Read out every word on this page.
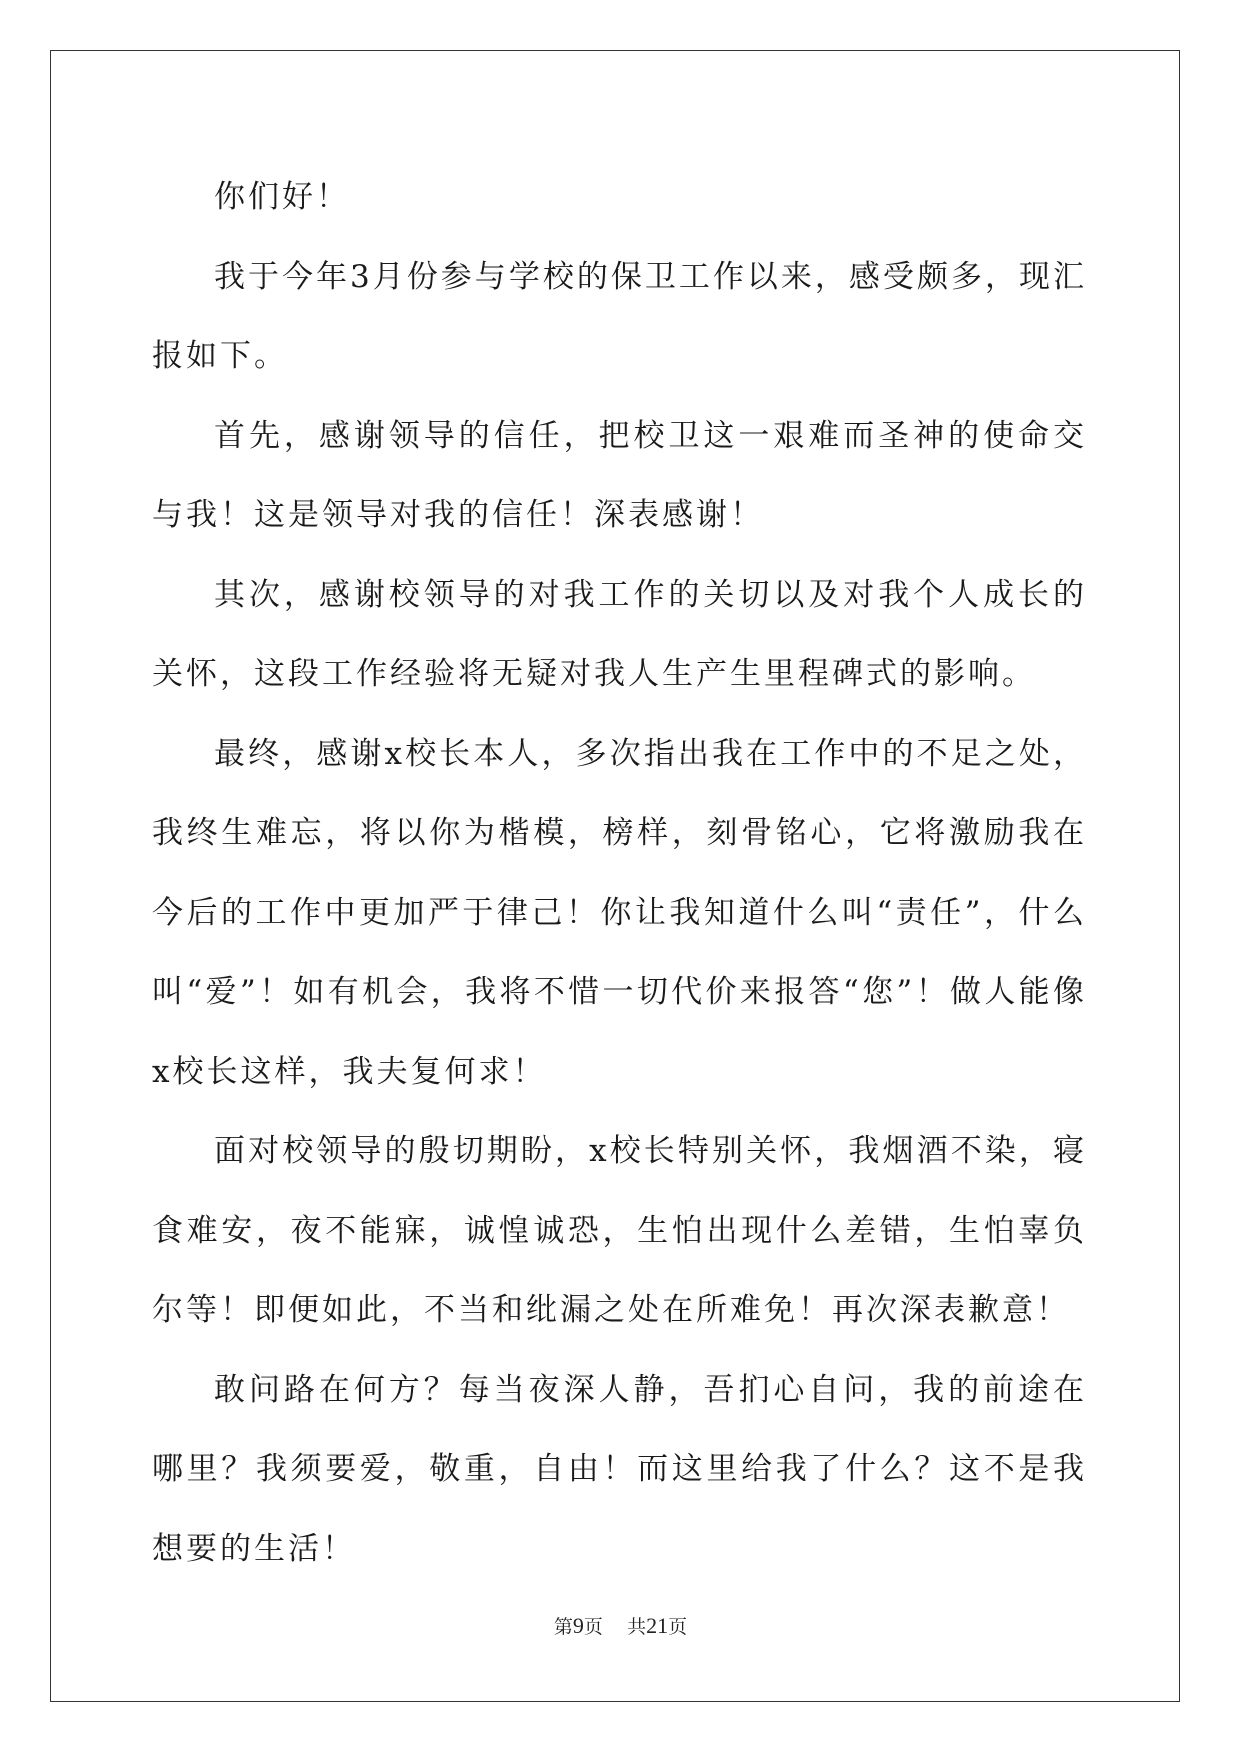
你们好！

我于今年3月份参与学校的保卫工作以来，感受颇多，现汇报如下。

首先，感谢领导的信任，把校卫这一艰难而圣神的使命交与我！这是领导对我的信任！深表感谢！

其次，感谢校领导的对我工作的关切以及对我个人成长的关怀，这段工作经验将无疑对我人生产生里程碑式的影响。

最终，感谢x校长本人，多次指出我在工作中的不足之处，我终生难忘，将以你为楷模，榜样，刻骨铭心，它将激励我在今后的工作中更加严于律己！你让我知道什么叫“责任”，什么叫“爱”！如有机会，我将不惜一切代价来报答“您”！做人能像x校长这样，我夫复何求！

面对校领导的殷切期盼，x校长特别关怀，我烟酒不染，寝食难安，夜不能寐，诚惶诚恐，生怕出现什么差错，生怕辜负尔等！即便如此，不当和纰漏之处在所难免！再次深表歉意！

敢问路在何方？每当夜深人静，吾扪心自问，我的前途在哪里？我须要爱，敬重，自由！而这里给我了什么？这不是我想要的生活！

第9页 共21页
